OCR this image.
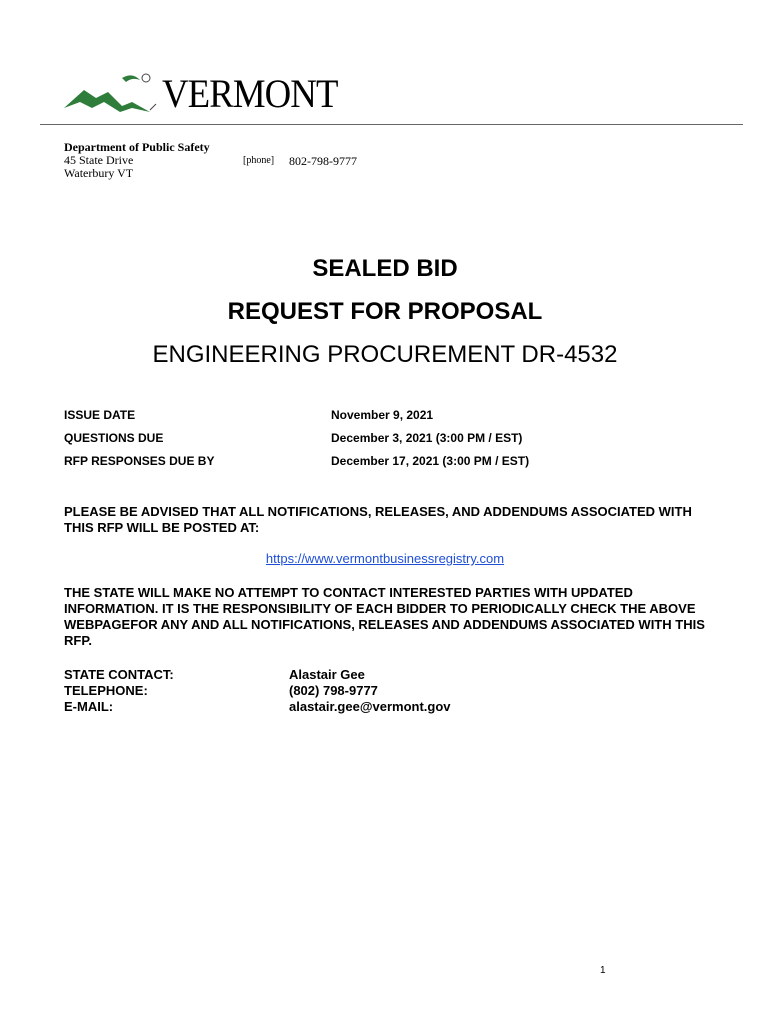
VERMONT
Department of Public Safety
45 State Drive
Waterbury VT
[phone] 802-798-9777
SEALED BID
REQUEST FOR PROPOSAL
ENGINEERING PROCUREMENT DR-4532
ISSUE DATE	November 9, 2021
QUESTIONS DUE	December 3, 2021 (3:00 PM / EST)
RFP RESPONSES DUE BY	December 17, 2021 (3:00 PM / EST)
PLEASE BE ADVISED THAT ALL NOTIFICATIONS, RELEASES, AND ADDENDUMS ASSOCIATED WITH THIS RFP WILL BE POSTED AT:
https://www.vermontbusinessregistry.com
THE STATE WILL MAKE NO ATTEMPT TO CONTACT INTERESTED PARTIES WITH UPDATED INFORMATION. IT IS THE RESPONSIBILITY OF EACH BIDDER TO PERIODICALLY CHECK THE ABOVE WEBPAGEFOR ANY AND ALL NOTIFICATIONS, RELEASES AND ADDENDUMS ASSOCIATED WITH THIS RFP.
STATE CONTACT:	Alastair Gee
TELEPHONE:	(802) 798-9777
E-MAIL:	alastair.gee@vermont.gov
1
